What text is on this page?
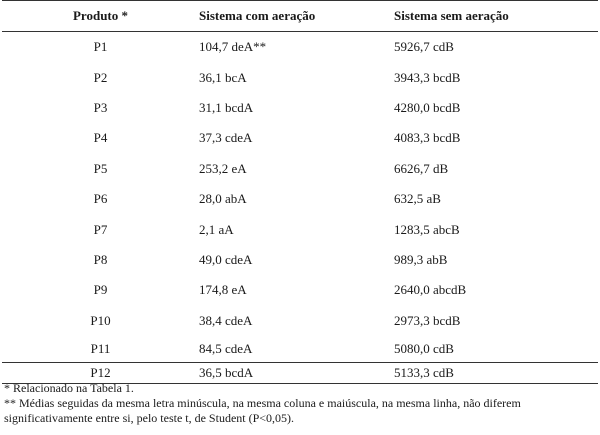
Produto *	Sistema com aeração	Sistema sem aeração
P1	104,7 deA**	5926,7 cdB
P2	36,1 bcA	3943,3 bcdB
P3	31,1 bcdA	4280,0 bcdB
P4	37,3 cdeA	4083,3 bcdB
P5	253,2 eA	6626,7 dB
P6	28,0 abA	632,5 aB
P7	2,1 aA	1283,5 abcB
P8	49,0 cdeA	989,3 abB
P9	174,8 eA	2640,0 abcdB
P10	38,4 cdeA	2973,3 bcdB
P11	84,5 cdeA	5080,0 cdB
P12	36,5 bcdA	5133,3 cdB

* Relacionado na Tabela 1.

** Médias seguidas da mesma letra minúscula, na mesma coluna e maiúscula, na mesma linha, não diferem significativamente entre si, pelo teste t, de Student (P<0,05).
